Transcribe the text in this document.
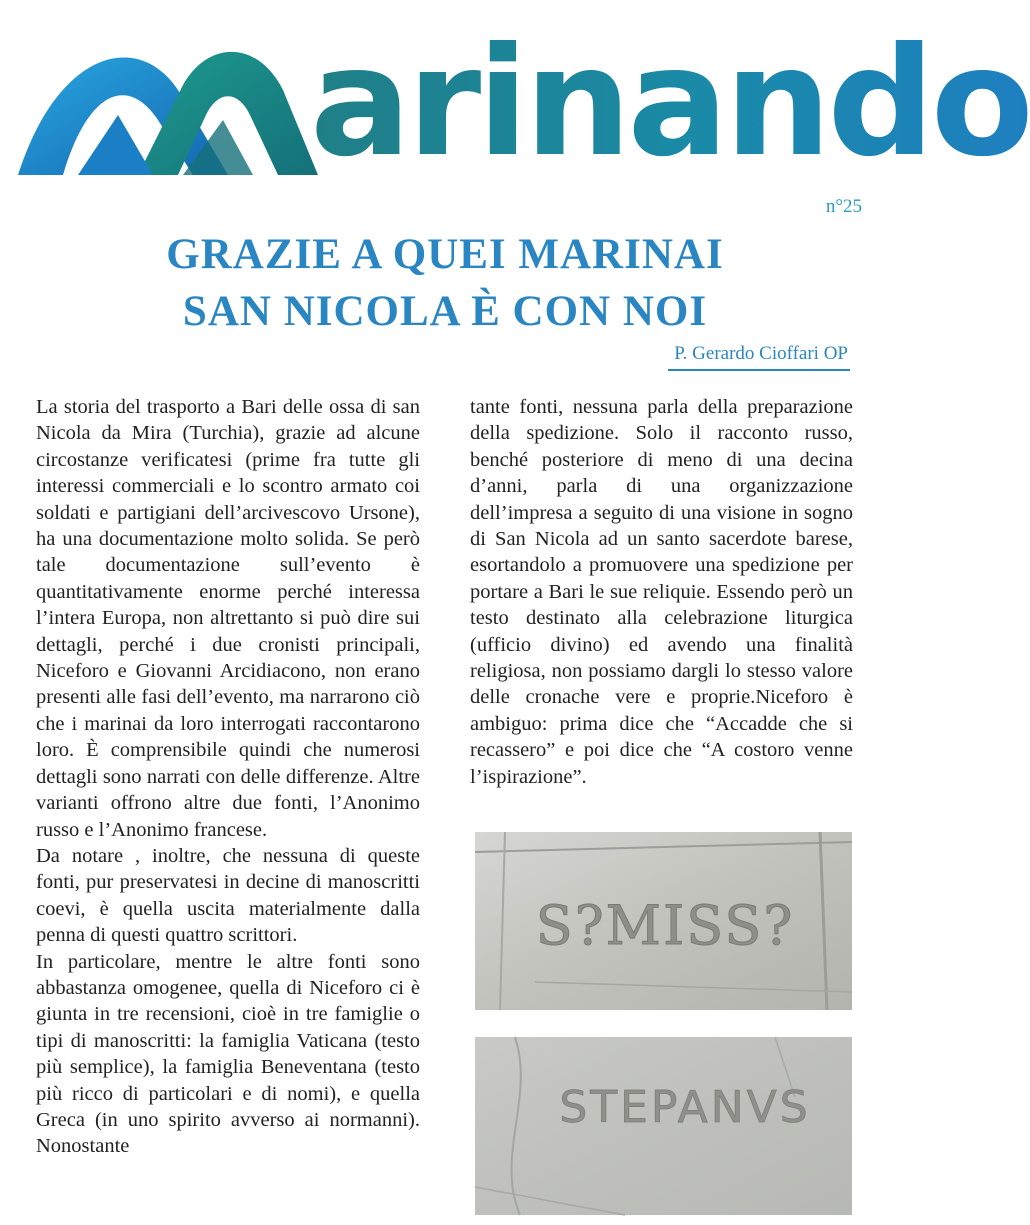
arinando
n°25
GRAZIE A QUEI MARINAI
SAN NICOLA È CON NOI
P. Gerardo Cioffari OP

La storia del trasporto a Bari delle ossa di san Nicola da Mira (Turchia), grazie ad alcune circostanze verificatesi (prime fra tutte gli interessi commerciali e lo scontro armato coi soldati e partigiani dell’arcivescovo Ursone), ha una documentazione molto solida. Se però tale documentazione sull’evento è quantitativamente enorme perché interessa l’intera Europa, non altrettanto si può dire sui dettagli, perché i due cronisti principali, Niceforo e Giovanni Arcidiacono, non erano presenti alle fasi dell’evento, ma narrarono ciò che i marinai da loro interrogati raccontarono loro. È comprensibile quindi che numerosi dettagli sono narrati con delle differenze. Altre varianti offrono altre due fonti, l’Anonimo russo e l’Anonimo francese.

Da notare , inoltre, che nessuna di queste fonti, pur preservatesi in decine di manoscritti coevi, è quella uscita materialmente dalla penna di questi quattro scrittori.

In particolare, mentre le altre fonti sono abbastanza omogenee, quella di Niceforo ci è giunta in tre recensioni, cioè in tre famiglie o tipi di manoscritti: la famiglia Vaticana (testo più semplice), la famiglia Beneventana (testo più ricco di particolari e di nomi), e quella Greca (in uno spirito avverso ai normanni). Nonostante

tante fonti, nessuna parla della preparazione della spedizione. Solo il racconto russo, benché posteriore di meno di una decina d’anni, parla di una organizzazione dell’impresa a seguito di una visione in sogno di San Nicola ad un santo sacerdote barese, esortandolo a promuovere una spedizione per portare a Bari le sue reliquie. Essendo però un testo destinato alla celebrazione liturgica (ufficio divino) ed avendo una finalità religiosa, non possiamo dargli lo stesso valore delle cronache vere e proprie.Niceforo è ambiguo: prima dice che “Accadde che si recassero” e poi dice che “A costoro venne l’ispirazione”.

S?MISS?
STEPANVS
